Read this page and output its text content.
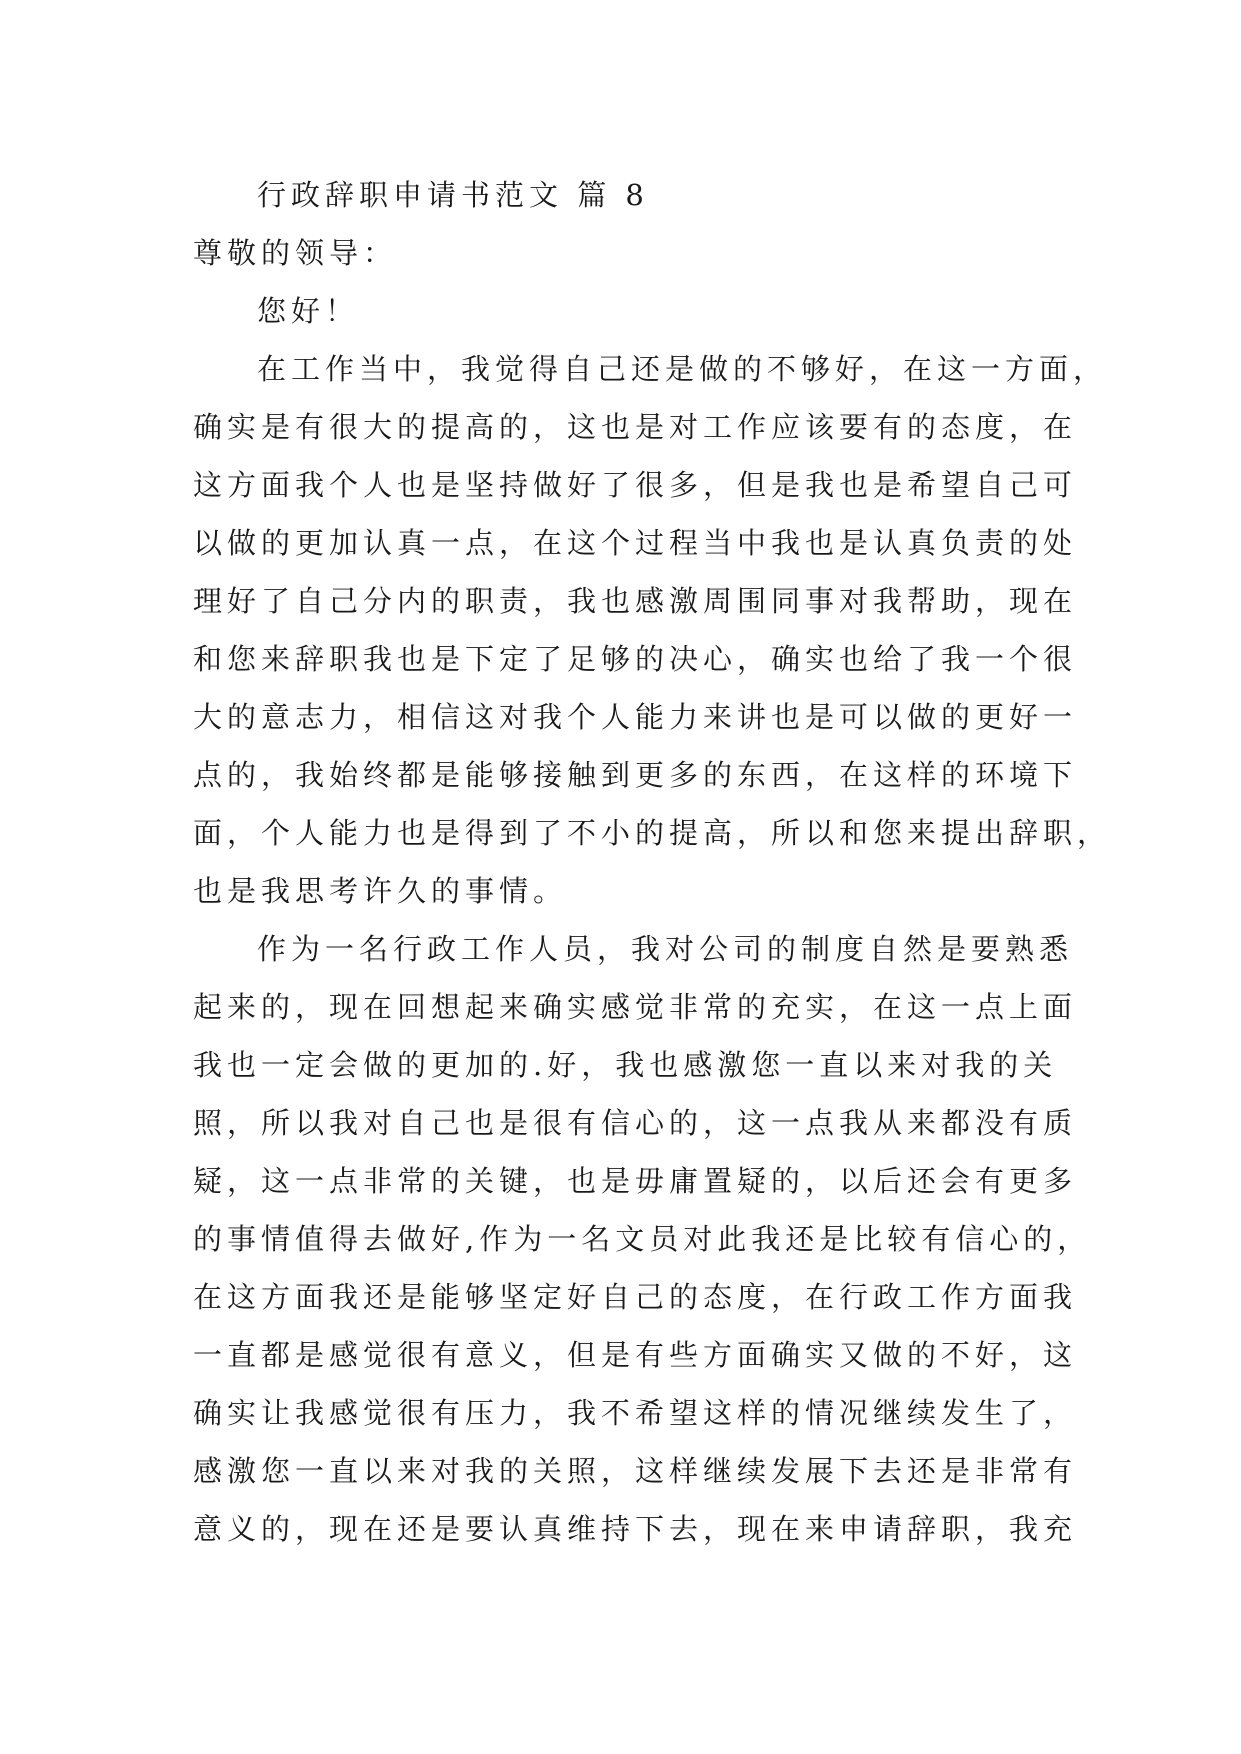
行政辞职申请书范文 篇 8
尊敬的领导：
您好！
在工作当中，我觉得自己还是做的不够好，在这一方面，
确实是有很大的提高的，这也是对工作应该要有的态度，在
这方面我个人也是坚持做好了很多，但是我也是希望自己可
以做的更加认真一点，在这个过程当中我也是认真负责的处
理好了自己分内的职责，我也感激周围同事对我帮助，现在
和您来辞职我也是下定了足够的决心，确实也给了我一个很
大的意志力，相信这对我个人能力来讲也是可以做的更好一
点的，我始终都是能够接触到更多的东西，在这样的环境下
面，个人能力也是得到了不小的提高，所以和您来提出辞职，
也是我思考许久的事情。
作为一名行政工作人员，我对公司的制度自然是要熟悉
起来的，现在回想起来确实感觉非常的充实，在这一点上面
我也一定会做的更加的.好，我也感激您一直以来对我的关
照，所以我对自己也是很有信心的，这一点我从来都没有质
疑，这一点非常的关键，也是毋庸置疑的，以后还会有更多
的事情值得去做好,作为一名文员对此我还是比较有信心的，
在这方面我还是能够坚定好自己的态度，在行政工作方面我
一直都是感觉很有意义，但是有些方面确实又做的不好，这
确实让我感觉很有压力，我不希望这样的情况继续发生了，
感激您一直以来对我的关照，这样继续发展下去还是非常有
意义的，现在还是要认真维持下去，现在来申请辞职，我充
